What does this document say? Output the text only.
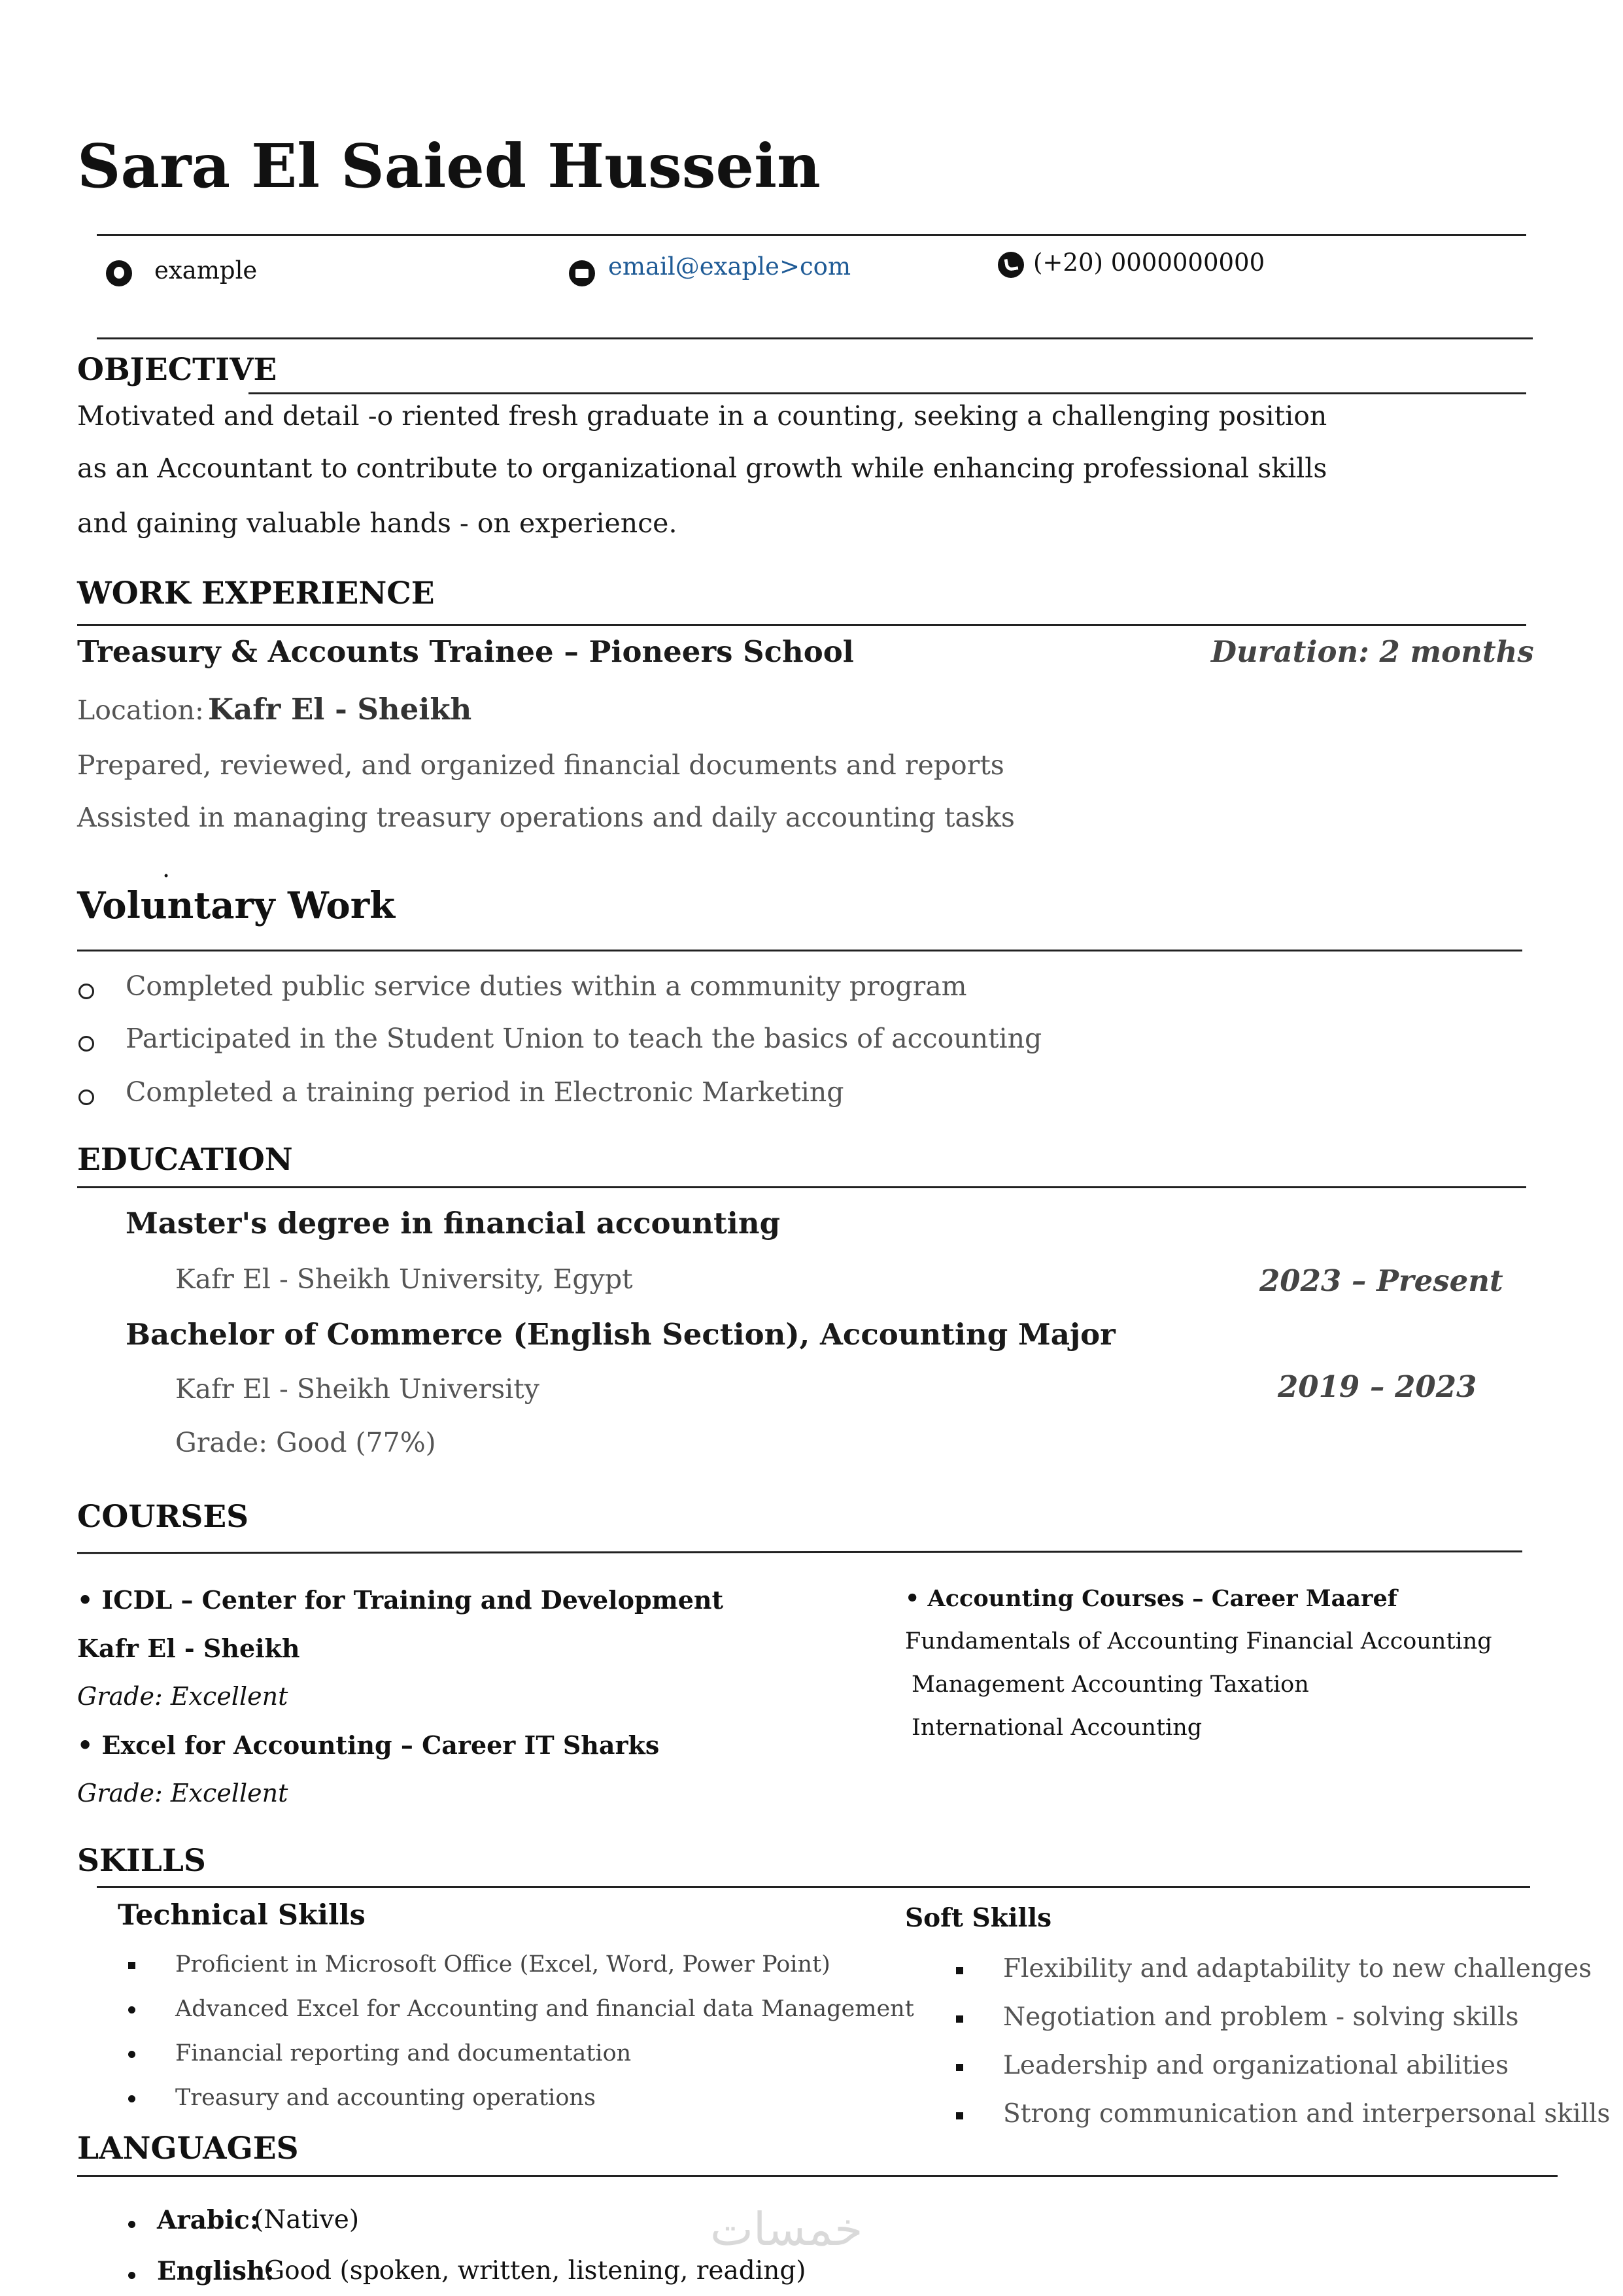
Sara El Saied Hussein
example	email@exaple>com	(+20) 0000000000
OBJECTIVE
Motivated and detail -o riented fresh graduate in a counting, seeking a challenging position
as an Accountant to contribute to organizational growth while enhancing professional skills
and gaining valuable hands - on experience.
WORK EXPERIENCE
Treasury & Accounts Trainee – Pioneers School	Duration: 2 months
Location: Kafr El - Sheikh
Prepared, reviewed, and organized financial documents and reports
Assisted in managing treasury operations and daily accounting tasks
.
Voluntary Work
Completed public service duties within a community program
Participated in the Student Union to teach the basics of accounting
Completed a training period in Electronic Marketing
EDUCATION
Master's degree in financial accounting
Kafr El - Sheikh University, Egypt	2023 – Present
Bachelor of Commerce (English Section), Accounting Major
Kafr El - Sheikh University	2019 – 2023
Grade: Good (77%)
COURSES
• ICDL – Center for Training and Development
Kafr El - Sheikh
Grade: Excellent
• Excel for Accounting – Career IT Sharks
Grade: Excellent
• Accounting Courses – Career Maaref
Fundamentals of Accounting Financial Accounting
Management Accounting Taxation
International Accounting
SKILLS
Technical Skills
Proficient in Microsoft Office (Excel, Word, Power Point)
Advanced Excel for Accounting and financial data Management
Financial reporting and documentation
Treasury and accounting operations
Soft Skills
Flexibility and adaptability to new challenges
Negotiation and problem - solving skills
Leadership and organizational abilities
Strong communication and interpersonal skills
LANGUAGES
Arabic:
(Native)
English:
Good (spoken, written, listening, reading)
خمسات
